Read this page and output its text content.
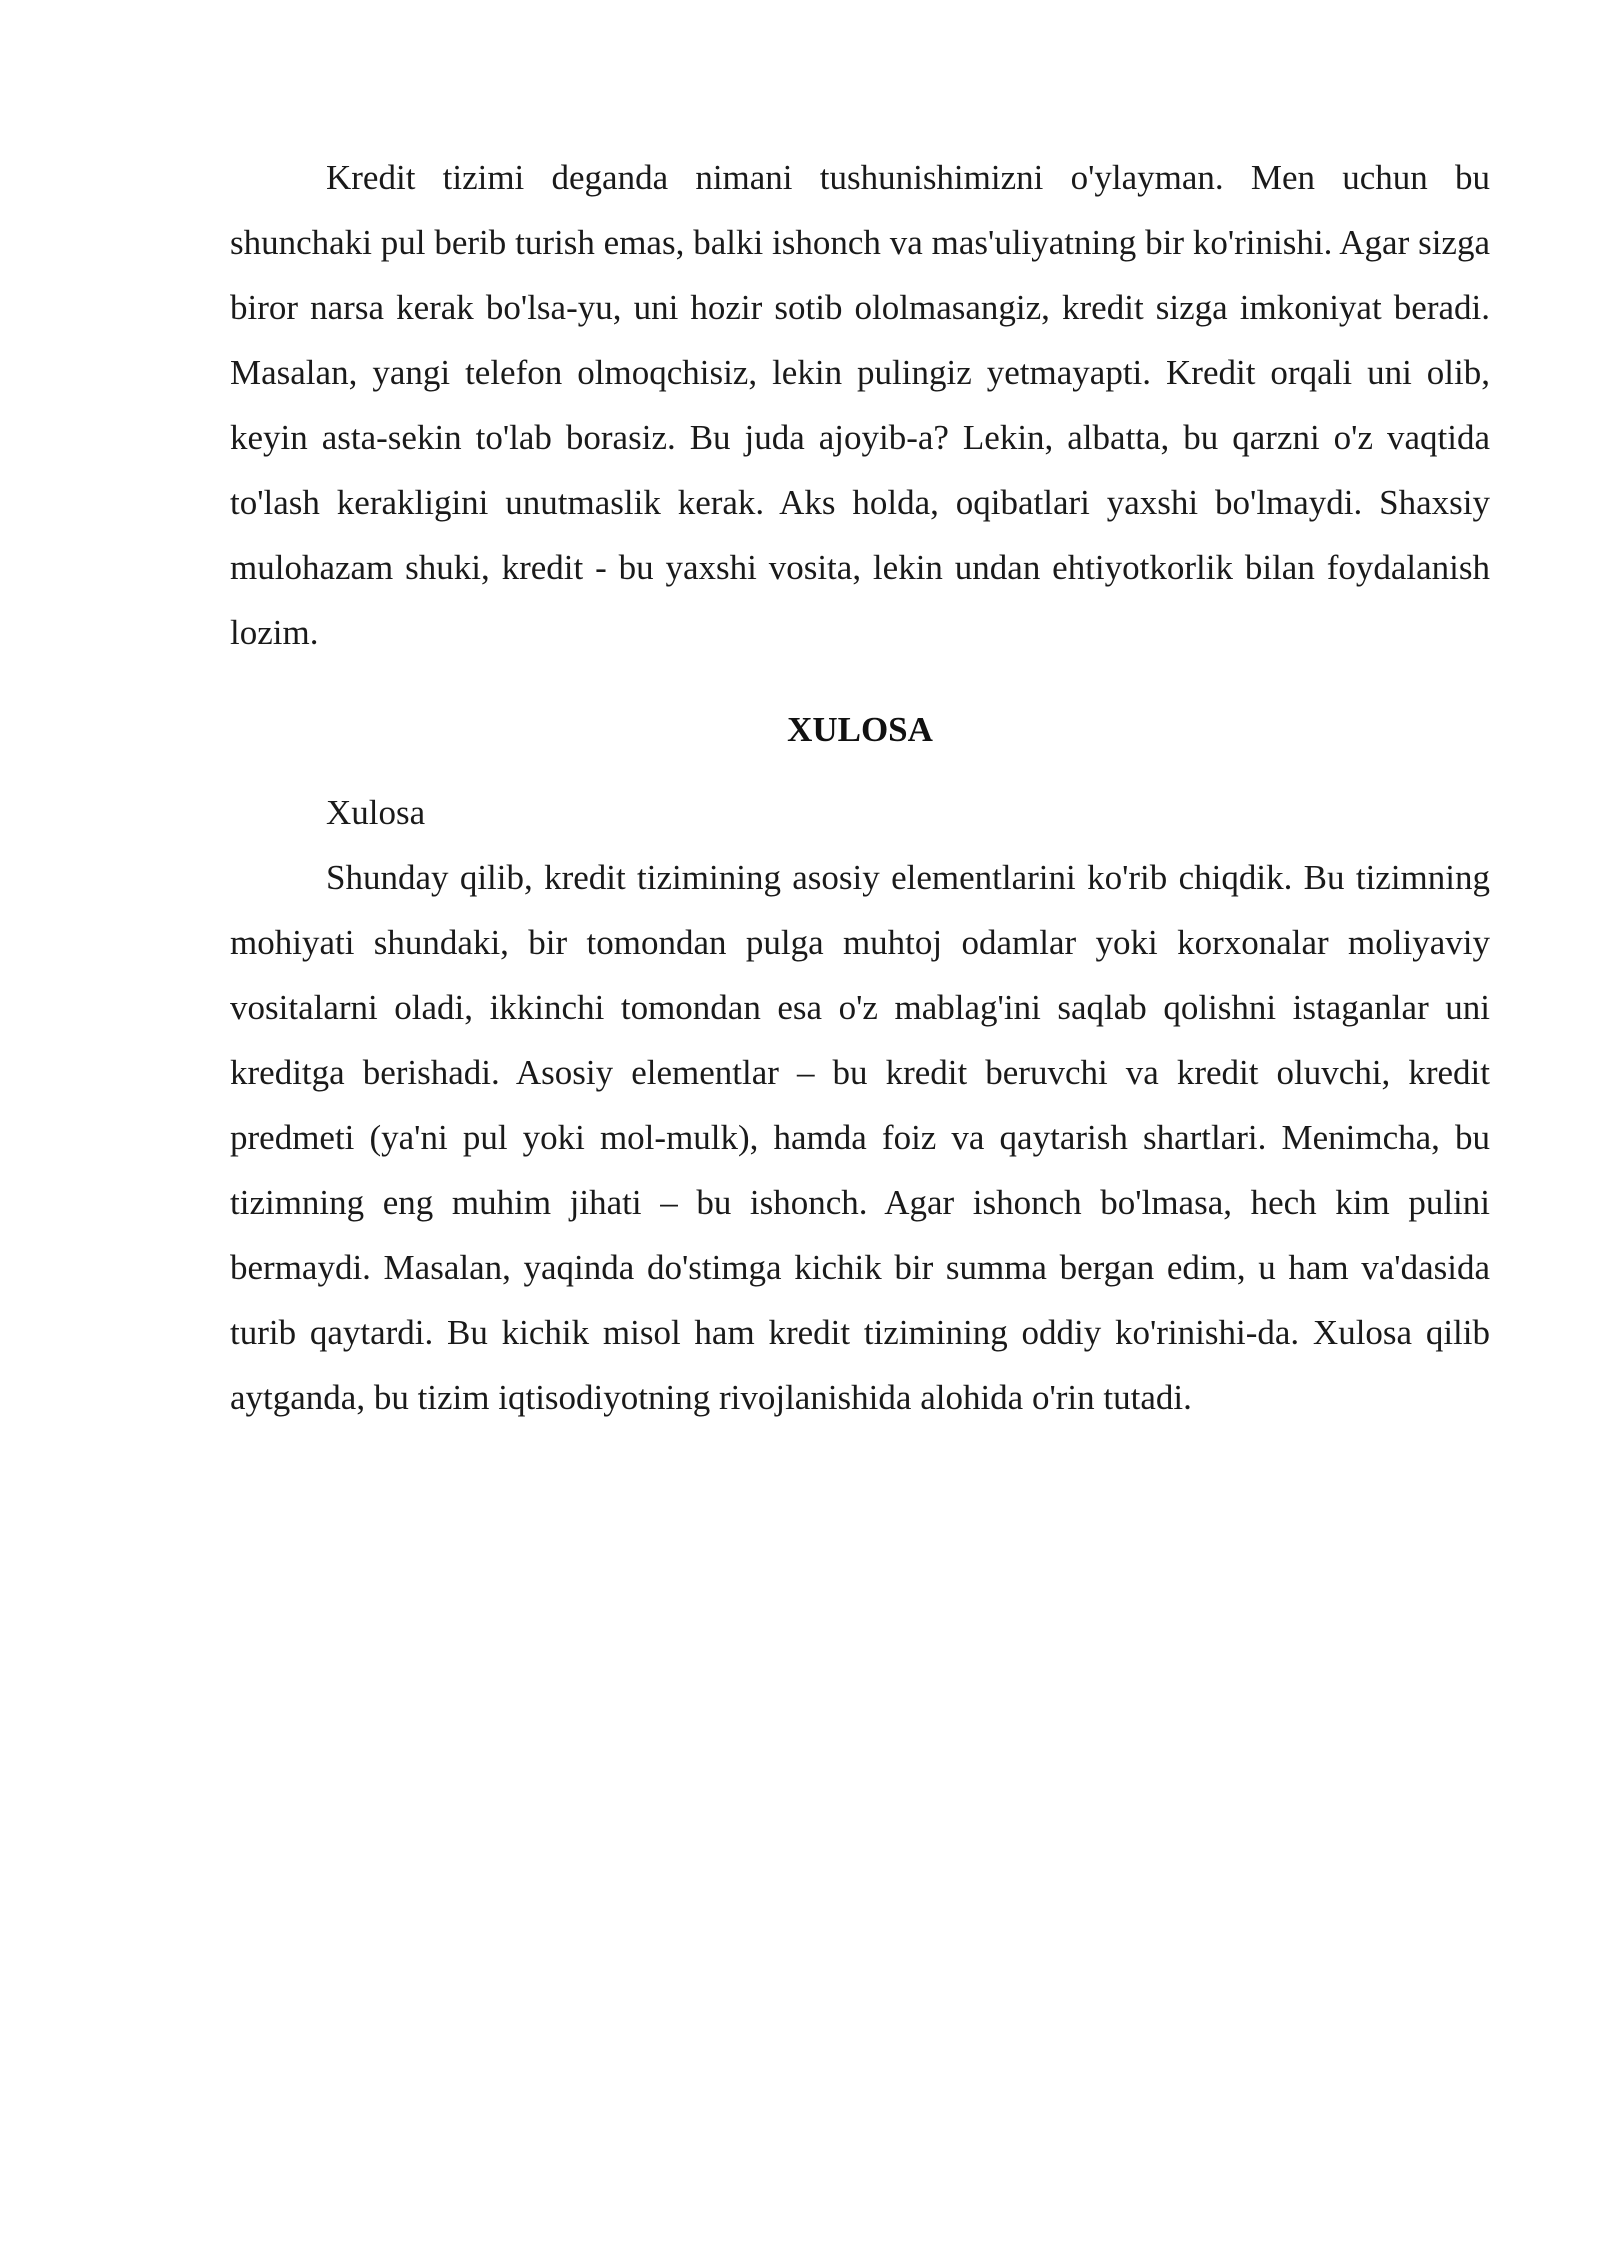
Kredit tizimi deganda nimani tushunishimizni o'ylayman. Men uchun bu shunchaki pul berib turish emas, balki ishonch va mas'uliyatning bir ko'rinishi. Agar sizga biror narsa kerak bo'lsa-yu, uni hozir sotib ololmasangiz, kredit sizga imkoniyat beradi. Masalan, yangi telefon olmoqchisiz, lekin pulingiz yetmayapti. Kredit orqali uni olib, keyin asta-sekin to'lab borasiz. Bu juda ajoyib-a? Lekin, albatta, bu qarzni o'z vaqtida to'lash kerakligini unutmaslik kerak. Aks holda, oqibatlari yaxshi bo'lmaydi. Shaxsiy mulohazam shuki, kredit - bu yaxshi vosita, lekin undan ehtiyotkorlik bilan foydalanish lozim.

XULOSA

Xulosa

Shunday qilib, kredit tizimining asosiy elementlarini ko'rib chiqdik. Bu tizimning mohiyati shundaki, bir tomondan pulga muhtoj odamlar yoki korxonalar moliyaviy vositalarni oladi, ikkinchi tomondan esa o'z mablag'ini saqlab qolishni istaganlar uni kreditga berishadi. Asosiy elementlar – bu kredit beruvchi va kredit oluvchi, kredit predmeti (ya'ni pul yoki mol-mulk), hamda foiz va qaytarish shartlari. Menimcha, bu tizimning eng muhim jihati – bu ishonch. Agar ishonch bo'lmasa, hech kim pulini bermaydi. Masalan, yaqinda do'stimga kichik bir summa bergan edim, u ham va'dasida turib qaytardi. Bu kichik misol ham kredit tizimining oddiy ko'rinishi-da. Xulosa qilib aytganda, bu tizim iqtisodiyotning rivojlanishida alohida o'rin tutadi.
